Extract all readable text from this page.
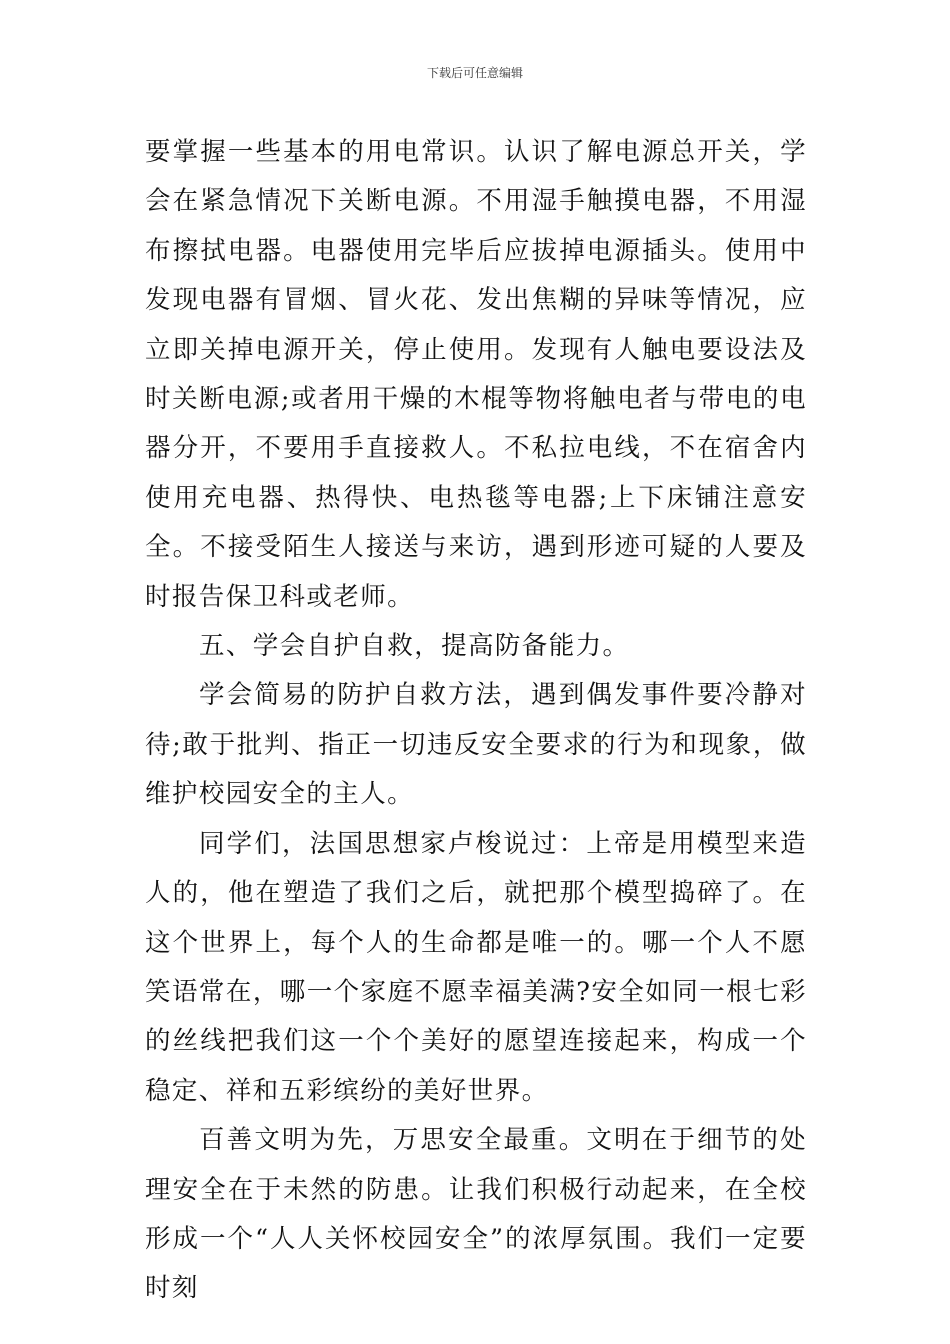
下载后可任意编辑

要掌握一些基本的用电常识。认识了解电源总开关，学会在紧急情况下关断电源。不用湿手触摸电器，不用湿布擦拭电器。电器使用完毕后应拔掉电源插头。使用中发现电器有冒烟、冒火花、发出焦糊的异味等情况，应立即关掉电源开关，停止使用。发现有人触电要设法及时关断电源;或者用干燥的木棍等物将触电者与带电的电器分开，不要用手直接救人。不私拉电线，不在宿舍内使用充电器、热得快、电热毯等电器;上下床铺注意安全。不接受陌生人接送与来访，遇到形迹可疑的人要及时报告保卫科或老师。

五、学会自护自救，提高防备能力。

学会简易的防护自救方法，遇到偶发事件要冷静对待;敢于批判、指正一切违反安全要求的行为和现象，做维护校园安全的主人。

同学们，法国思想家卢梭说过：上帝是用模型来造人的，他在塑造了我们之后，就把那个模型捣碎了。在这个世界上，每个人的生命都是唯一的。哪一个人不愿笑语常在，哪一个家庭不愿幸福美满?安全如同一根七彩的丝线把我们这一个个美好的愿望连接起来，构成一个稳定、祥和五彩缤纷的美好世界。

百善文明为先，万思安全最重。文明在于细节的处理安全在于未然的防患。让我们积极行动起来，在全校形成一个“人人关怀校园安全”的浓厚氛围。我们一定要时刻
